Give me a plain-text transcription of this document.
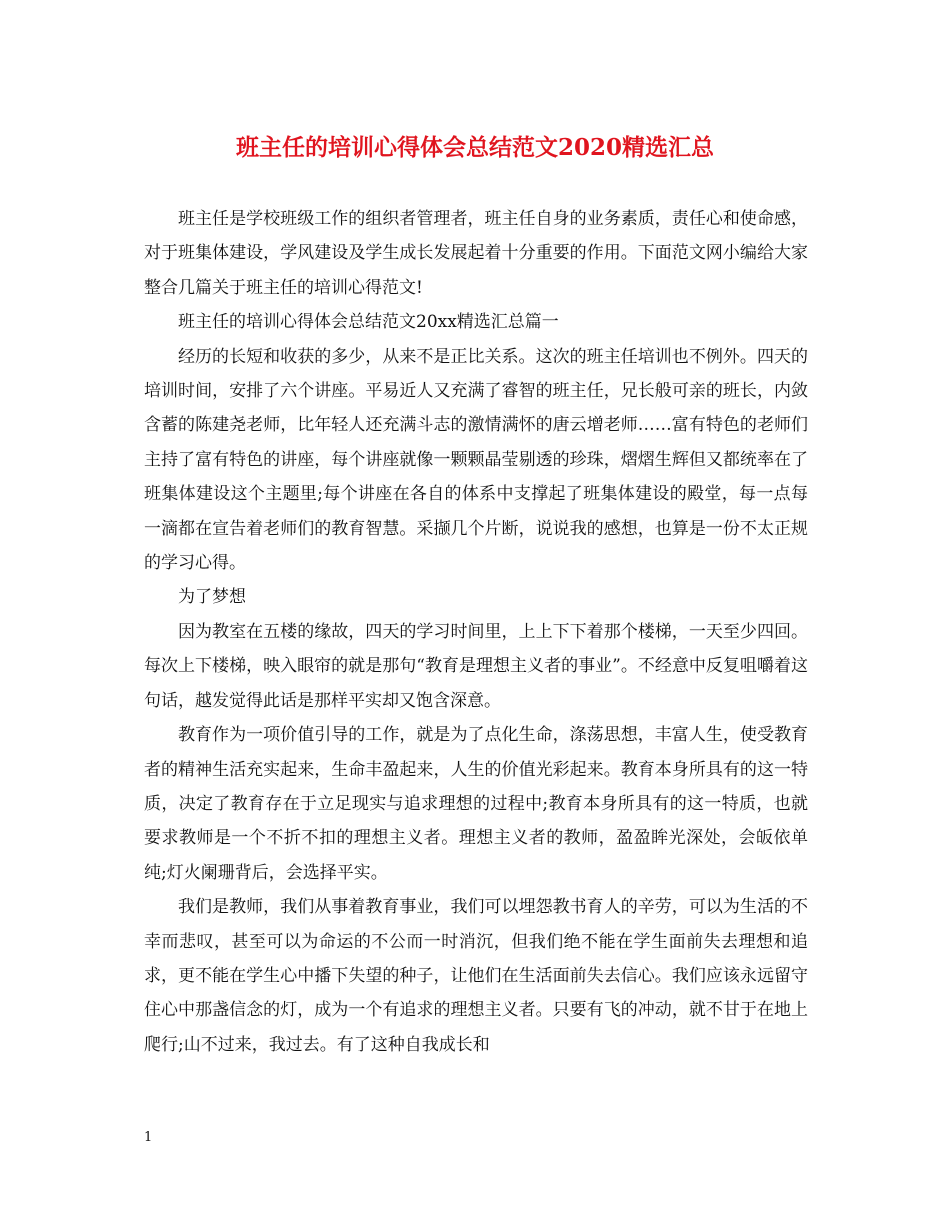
班主任的培训心得体会总结范文2020精选汇总

班主任是学校班级工作的组织者管理者，班主任自身的业务素质，责任心和使命感，对于班集体建设，学风建设及学生成长发展起着十分重要的作用。下面范文网小编给大家整合几篇关于班主任的培训心得范文!

班主任的培训心得体会总结范文20xx精选汇总篇一

经历的长短和收获的多少，从来不是正比关系。这次的班主任培训也不例外。四天的培训时间，安排了六个讲座。平易近人又充满了睿智的班主任，兄长般可亲的班长，内敛含蓄的陈建尧老师，比年轻人还充满斗志的激情满怀的唐云增老师……富有特色的老师们主持了富有特色的讲座，每个讲座就像一颗颗晶莹剔透的珍珠，熠熠生辉但又都统率在了班集体建设这个主题里;每个讲座在各自的体系中支撑起了班集体建设的殿堂，每一点每一滴都在宣告着老师们的教育智慧。采撷几个片断，说说我的感想，也算是一份不太正规的学习心得。

为了梦想

因为教室在五楼的缘故，四天的学习时间里，上上下下着那个楼梯，一天至少四回。每次上下楼梯，映入眼帘的就是那句“教育是理想主义者的事业”。不经意中反复咀嚼着这句话，越发觉得此话是那样平实却又饱含深意。

教育作为一项价值引导的工作，就是为了点化生命，涤荡思想，丰富人生，使受教育者的精神生活充实起来，生命丰盈起来，人生的价值光彩起来。教育本身所具有的这一特质，决定了教育存在于立足现实与追求理想的过程中;教育本身所具有的这一特质，也就要求教师是一个不折不扣的理想主义者。理想主义者的教师，盈盈眸光深处，会皈依单纯;灯火阑珊背后，会选择平实。

我们是教师，我们从事着教育事业，我们可以埋怨教书育人的辛劳，可以为生活的不幸而悲叹，甚至可以为命运的不公而一时消沉，但我们绝不能在学生面前失去理想和追求，更不能在学生心中播下失望的种子，让他们在生活面前失去信心。我们应该永远留守住心中那盏信念的灯，成为一个有追求的理想主义者。只要有飞的冲动，就不甘于在地上爬行;山不过来，我过去。有了这种自我成长和

1
